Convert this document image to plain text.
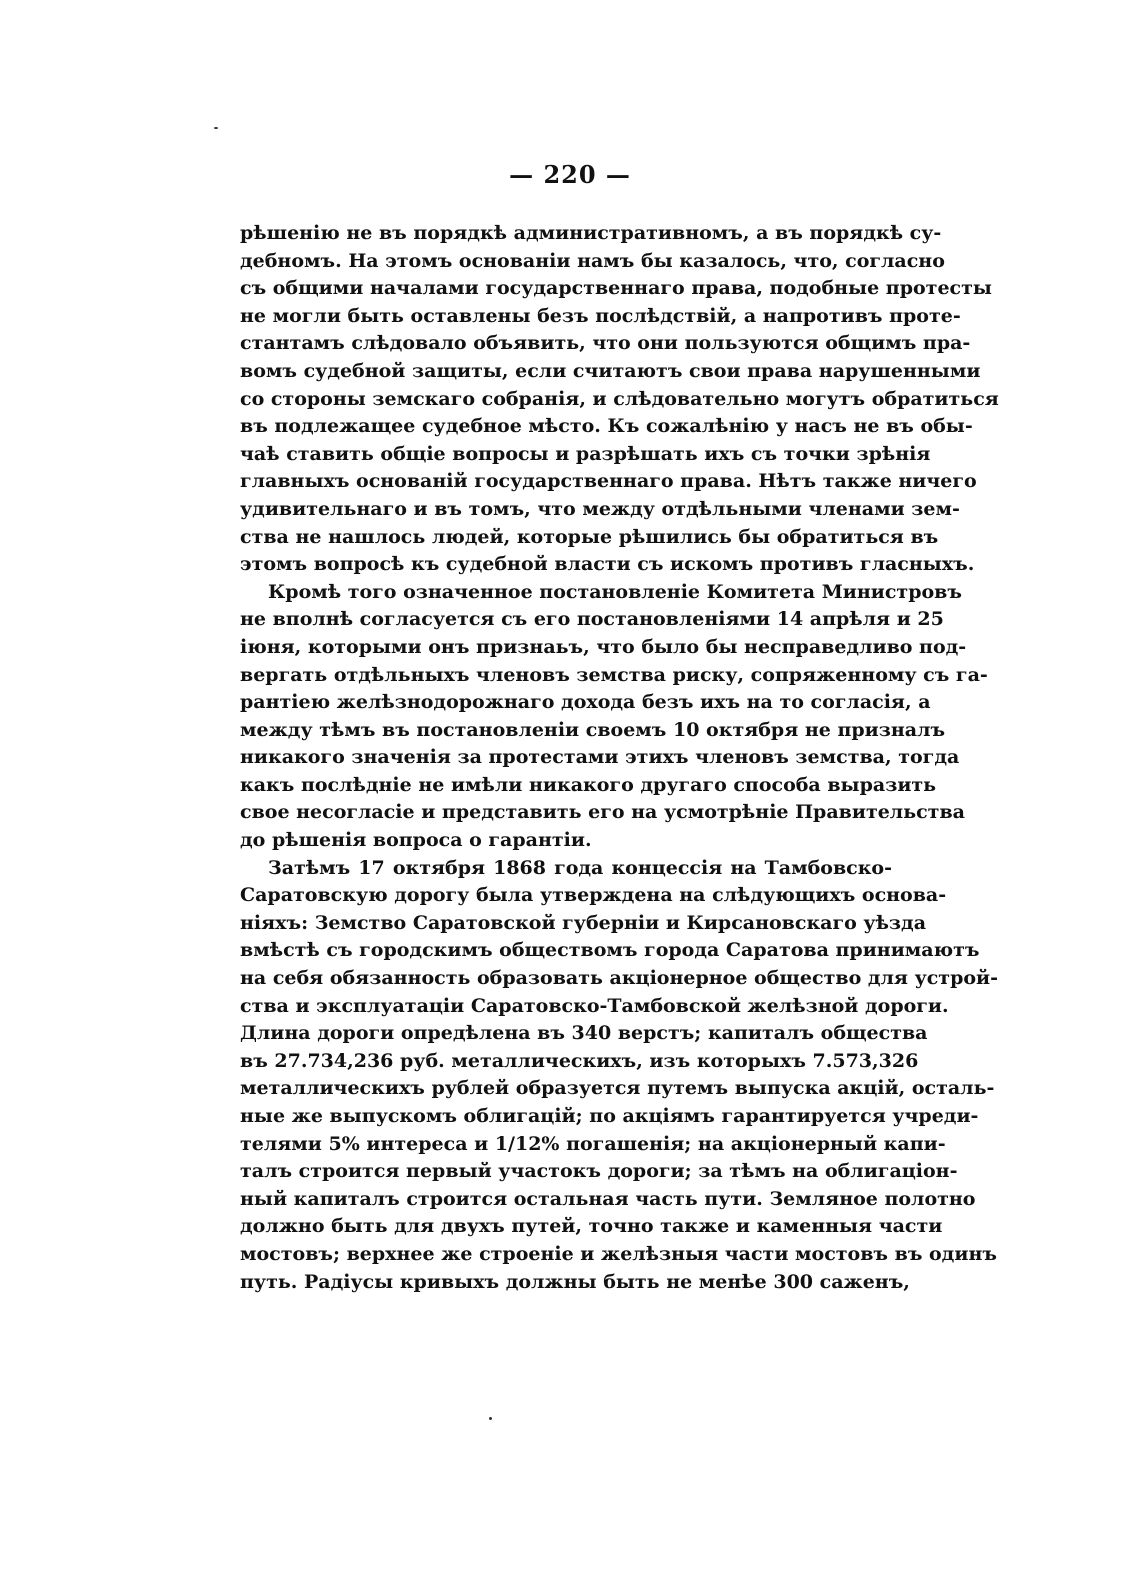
— 220 —
рѣшенію не въ порядкѣ административномъ, а въ порядкѣ су-
дебномъ. На этомъ основаніи намъ бы казалось, что, согласно
съ общими началами государственнаго права, подобные протесты
не могли быть оставлены безъ послѣдствій, а напротивъ проте-
стантамъ слѣдовало объявить, что они пользуются общимъ пра-
вомъ судебной защиты, если считаютъ свои права нарушенными
со стороны земскаго собранія, и слѣдовательно могутъ обратиться
въ подлежащее судебное мѣсто. Къ сожалѣнію у насъ не въ обы-
чаѣ ставить общіе вопросы и разрѣшать ихъ съ точки зрѣнія
главныхъ основаній государственнаго права. Нѣтъ также ничего
удивительнаго и въ томъ, что между отдѣльными членами зем-
ства не нашлось людей, которые рѣшились бы обратиться въ
этомъ вопросѣ къ судебной власти съ искомъ противъ гласныхъ.
Кромѣ того означенное постановленіе Комитета Министровъ
не вполнѣ согласуется съ его постановленіями 14 апрѣля и 25
іюня, которыми онъ признаьъ, что было бы несправедливо под-
вергать отдѣльныхъ членовъ земства риску, сопряженному съ га-
рантіею желѣзнодорожнаго дохода безъ ихъ на то согласія, а
между тѣмъ въ постановленіи своемъ 10 октября не призналъ
никакого значенія за протестами этихъ членовъ земства, тогда
какъ послѣдніе не имѣли никакого другаго способа выразить
свое несогласіе и представить его на усмотрѣніе Правительства
до рѣшенія вопроса о гарантіи.
Затѣмъ 17 октября 1868 года концессія на Тамбовско-
Саратовскую дорогу была утверждена на слѣдующихъ основа-
ніяхъ: Земство Саратовской губерніи и Кирсановскаго уѣзда
вмѣстѣ съ городскимъ обществомъ города Саратова принимаютъ
на себя обязанность образовать акціонерное общество для устрой-
ства и эксплуатаціи Саратовско-Тамбовской желѣзной дороги.
Длина дороги опредѣлена въ 340 верстъ; капиталъ общества
въ 27.734,236 руб. металлическихъ, изъ которыхъ 7.573,326
металлическихъ рублей образуется путемъ выпуска акцій, осталь-
ные же выпускомъ облигацій; по акціямъ гарантируется учреди-
телями 5% интереса и 1/12% погашенія; на акціонерный капи-
талъ строится первый участокъ дороги; за тѣмъ на облигаціон-
ный капиталъ строится остальная часть пути. Земляное полотно
должно быть для двухъ путей, точно также и каменныя части
мостовъ; верхнее же строеніе и желѣзныя части мостовъ въ одинъ
путь. Радіусы кривыхъ должны быть не менѣе 300 саженъ,
